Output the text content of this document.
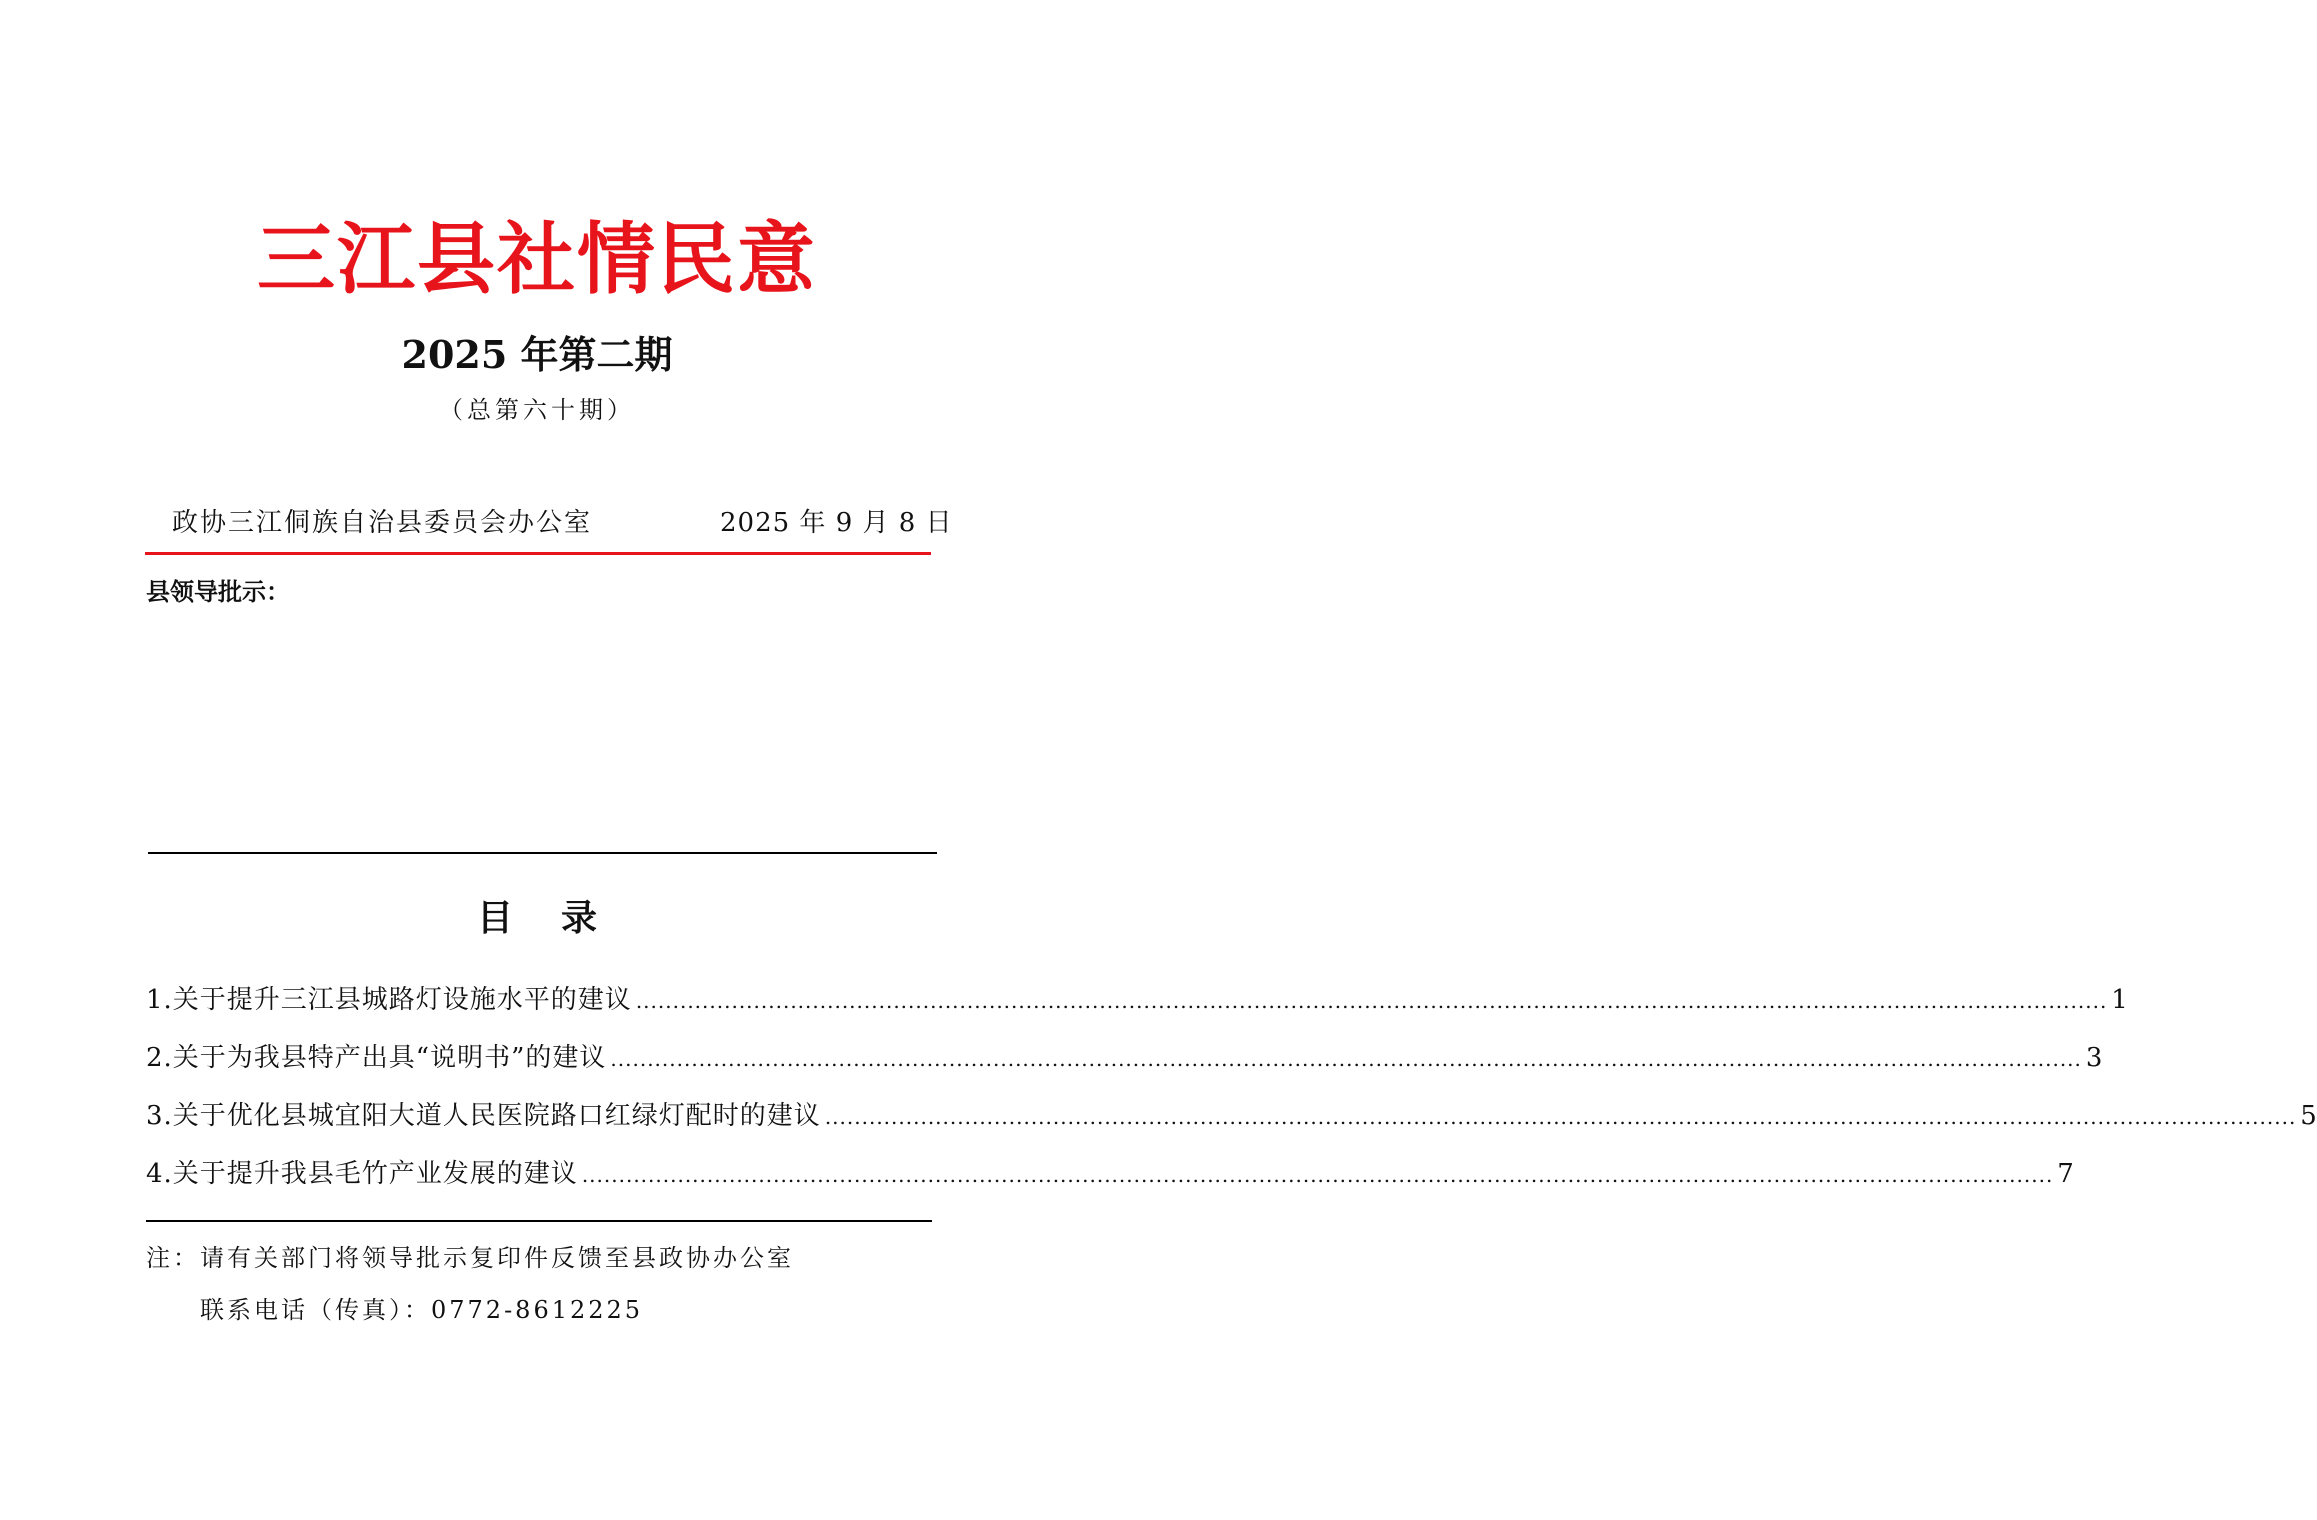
三江县社情民意
2025 年第二期
（总第六十期）
政协三江侗族自治县委员会办公室	2025 年 9 月 8 日
县领导批示：
目 录
1.关于提升三江县城路灯设施水平的建议 ........................................................................................................................................................................................................ 1
2.关于为我县特产出具“说明书”的建议 ........................................................................................................................................................................................................ 3
3.关于优化县城宜阳大道人民医院路口红绿灯配时的建议 ........................................................................................................................................................................................................ 5
4.关于提升我县毛竹产业发展的建议 ........................................................................................................................................................................................................ 7
注：请有关部门将领导批示复印件反馈至县政协办公室
联系电话（传真）：0772-8612225
